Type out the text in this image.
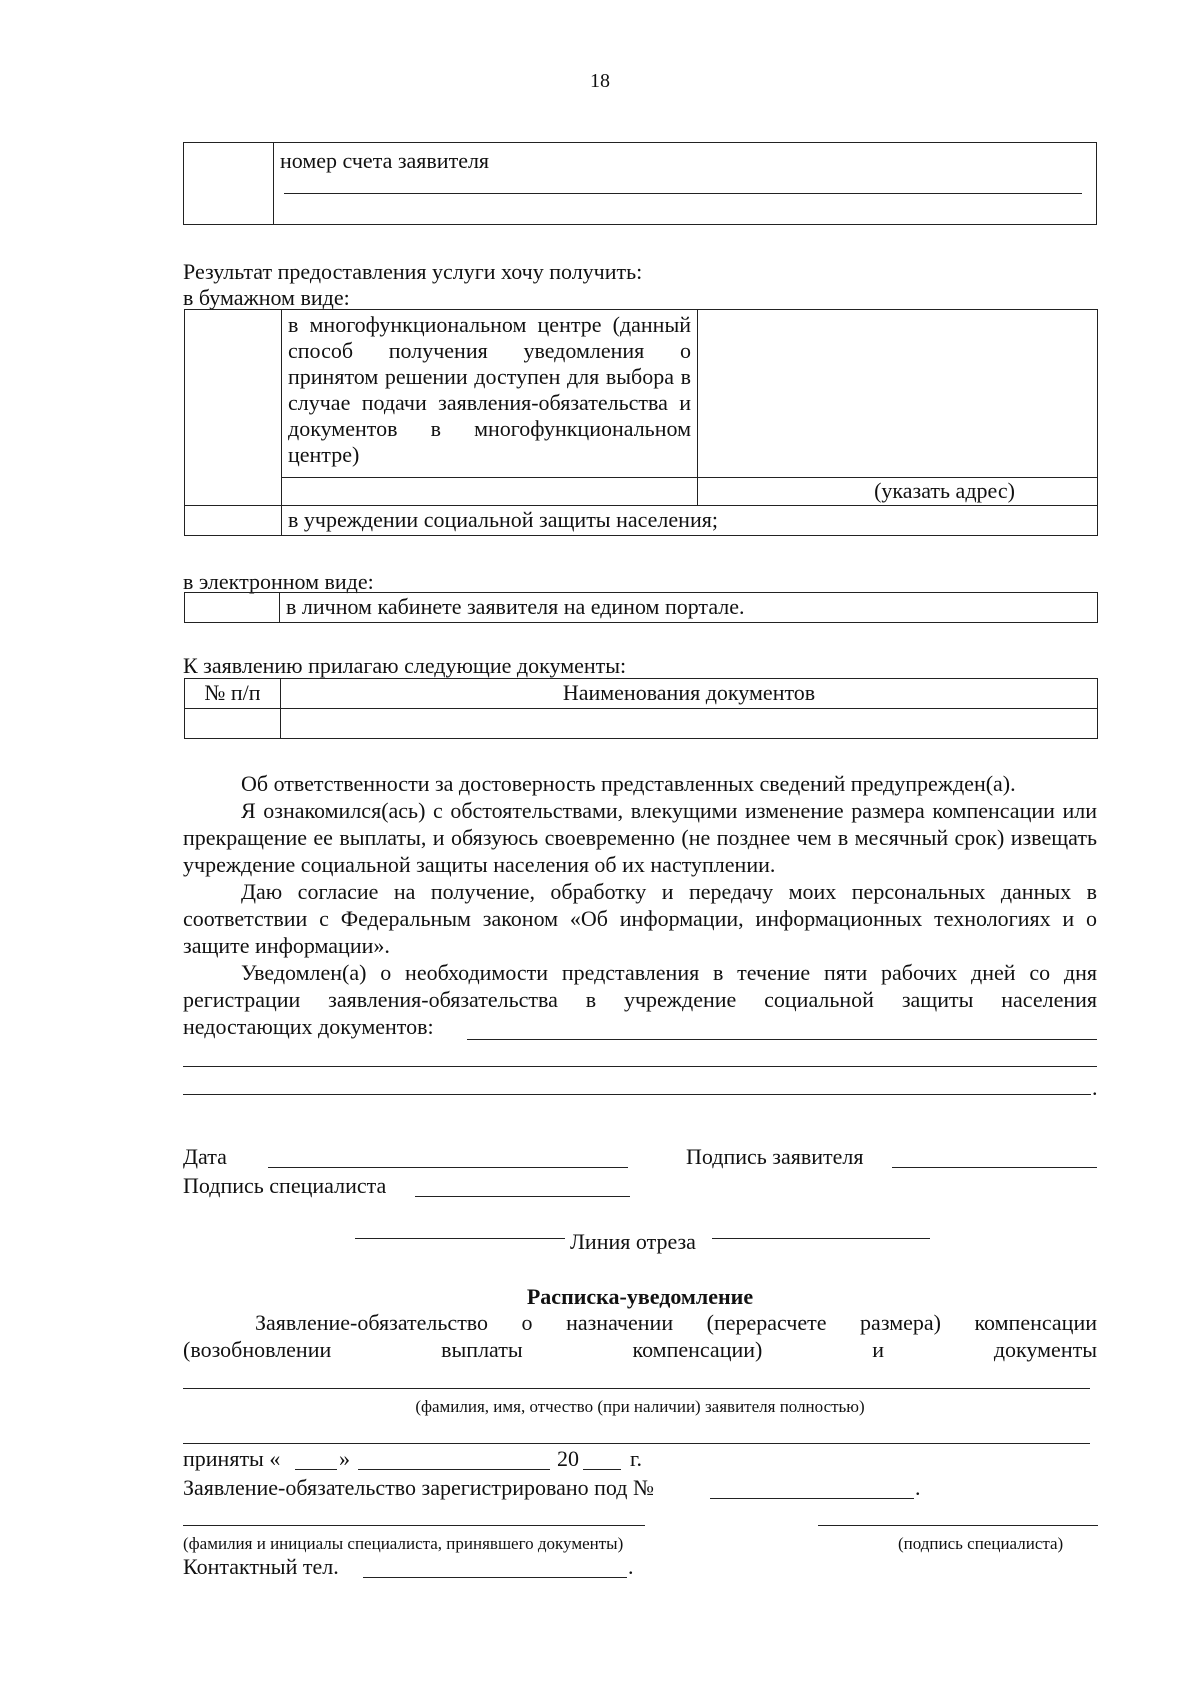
18
	номер счета заявителя
Результат предоставления услуги хочу получить:
в бумажном виде:
	в многофункциональном центре (данный способ получения уведомления о принятом решении доступен для выбора в случае подачи заявления-обязательства и документов в многофункциональном центре)	
		(указать адрес)
	в учреждении социальной защиты населения;	
в электронном виде:
	в личном кабинете заявителя на едином портале.
К заявлению прилагаю следующие документы:
№ п/п	Наименования документов

Об ответственности за достоверность представленных сведений предупрежден(а).
Я ознакомился(ась) с обстоятельствами, влекущими изменение размера компенсации или прекращение ее выплаты, и обязуюсь своевременно (не позднее чем в месячный срок) извещать учреждение социальной защиты населения об их наступлении.
Даю согласие на получение, обработку и передачу моих персональных данных в соответствии с Федеральным законом «Об информации, информационных технологиях и о защите информации».
Уведомлен(а) о необходимости представления в течение пяти рабочих дней со дня регистрации заявления-обязательства в учреждение социальной защиты населения недостающих документов:
.
Дата	Подпись заявителя
Подпись специалиста
Линия отреза
Расписка-уведомление
Заявление-обязательство о назначении (перерасчете размера) компенсации (возобновлении выплаты компенсации) и документы
(фамилия, имя, отчество (при наличии) заявителя полностью)
приняты «	»	20 г.
Заявление-обязательство зарегистрировано под №	.
(фамилия и инициалы специалиста, принявшего документы)	(подпись специалиста)
Контактный тел.	.
